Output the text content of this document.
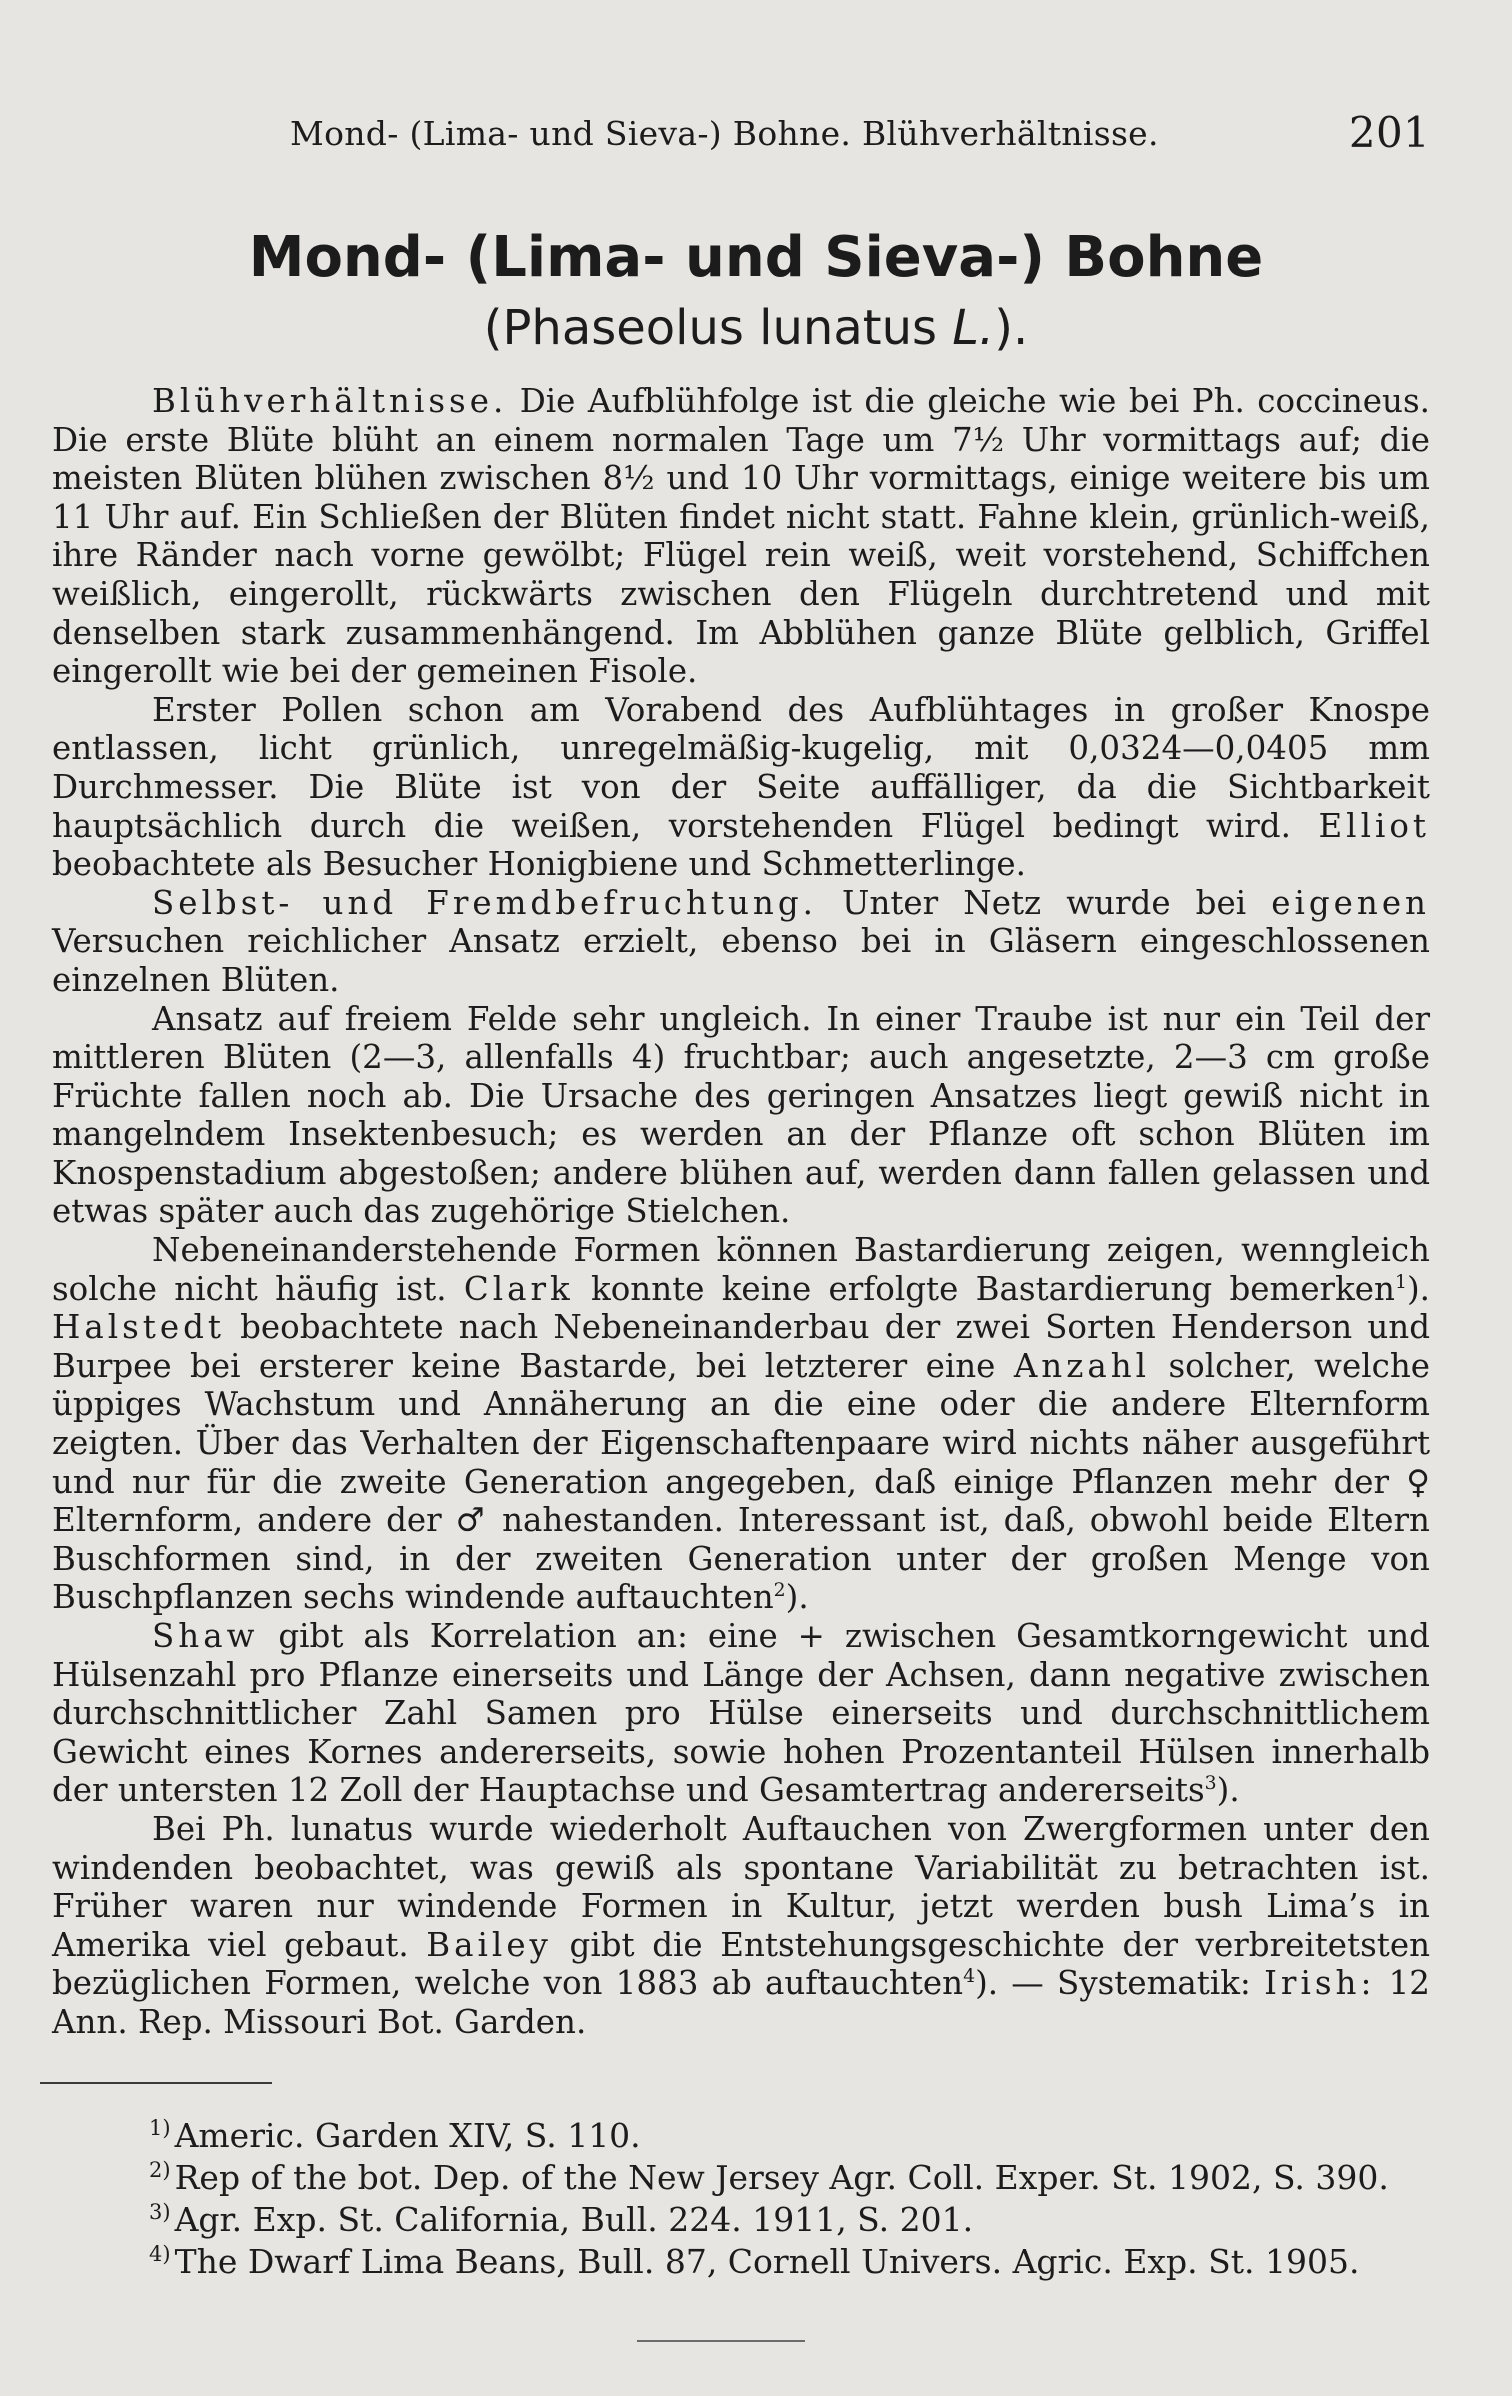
Mond- (Lima- und Sieva-) Bohne. Blühverhältnisse.	201
Mond- (Lima- und Sieva-) Bohne
(Phaseolus lunatus L.).

Blühverhältnisse. Die Aufblühfolge ist die gleiche wie bei Ph. coccineus. Die erste Blüte blüht an einem normalen Tage um 7½ Uhr vormittags auf; die meisten Blüten blühen zwischen 8½ und 10 Uhr vormittags, einige weitere bis um 11 Uhr auf. Ein Schließen der Blüten findet nicht statt. Fahne klein, grünlich-weiß, ihre Ränder nach vorne gewölbt; Flügel rein weiß, weit vorstehend, Schiffchen weißlich, eingerollt, rückwärts zwischen den Flügeln durchtretend und mit denselben stark zusammenhängend. Im Abblühen ganze Blüte gelblich, Griffel eingerollt wie bei der gemeinen Fisole.

Erster Pollen schon am Vorabend des Aufblühtages in großer Knospe entlassen, licht grünlich, unregelmäßig-kugelig, mit 0,0324—0,0405 mm Durchmesser. Die Blüte ist von der Seite auffälliger, da die Sichtbarkeit hauptsächlich durch die weißen, vorstehenden Flügel bedingt wird. Elliot beobachtete als Besucher Honigbiene und Schmetterlinge.

Selbst- und Fremdbefruchtung. Unter Netz wurde bei eigenen Versuchen reichlicher Ansatz erzielt, ebenso bei in Gläsern eingeschlossenen einzelnen Blüten.

Ansatz auf freiem Felde sehr ungleich. In einer Traube ist nur ein Teil der mittleren Blüten (2—3, allenfalls 4) fruchtbar; auch angesetzte, 2—3 cm große Früchte fallen noch ab. Die Ursache des geringen Ansatzes liegt gewiß nicht in mangelndem Insektenbesuch; es werden an der Pflanze oft schon Blüten im Knospenstadium abgestoßen; andere blühen auf, werden dann fallen gelassen und etwas später auch das zugehörige Stielchen.

Nebeneinanderstehende Formen können Bastardierung zeigen, wenngleich solche nicht häufig ist. Clark konnte keine erfolgte Bastardierung bemerken$^1$). Halstedt beobachtete nach Nebeneinanderbau der zwei Sorten Henderson und Burpee bei ersterer keine Bastarde, bei letzterer eine Anzahl solcher, welche üppiges Wachstum und Annäherung an die eine oder die andere Elternform zeigten. Über das Verhalten der Eigenschaftenpaare wird nichts näher ausgeführt und nur für die zweite Generation angegeben, daß einige Pflanzen mehr der ♀ Elternform, andere der ♂ nahestanden. Interessant ist, daß, obwohl beide Eltern Buschformen sind, in der zweiten Generation unter der großen Menge von Buschpflanzen sechs windende auftauchten$^2$).

Shaw gibt als Korrelation an: eine + zwischen Gesamtkorngewicht und Hülsenzahl pro Pflanze einerseits und Länge der Achsen, dann negative zwischen durchschnittlicher Zahl Samen pro Hülse einerseits und durchschnittlichem Gewicht eines Kornes andererseits, sowie hohen Prozentanteil Hülsen innerhalb der untersten 12 Zoll der Hauptachse und Gesamtertrag andererseits$^3$).

Bei Ph. lunatus wurde wiederholt Auftauchen von Zwergformen unter den windenden beobachtet, was gewiß als spontane Variabilität zu betrachten ist. Früher waren nur windende Formen in Kultur, jetzt werden bush Lima’s in Amerika viel gebaut. Bailey gibt die Entstehungsgeschichte der verbreitetsten bezüglichen Formen, welche von 1883 ab auftauchten$^4$). — Systematik: Irish: 12 Ann. Rep. Missouri Bot. Garden.

$^{1)}$ Americ. Garden XIV, S. 110.
$^{2)}$ Rep of the bot. Dep. of the New Jersey Agr. Coll. Exper. St. 1902, S. 390.
$^{3)}$ Agr. Exp. St. California, Bull. 224. 1911, S. 201.
$^{4)}$ The Dwarf Lima Beans, Bull. 87, Cornell Univers. Agric. Exp. St. 1905.
